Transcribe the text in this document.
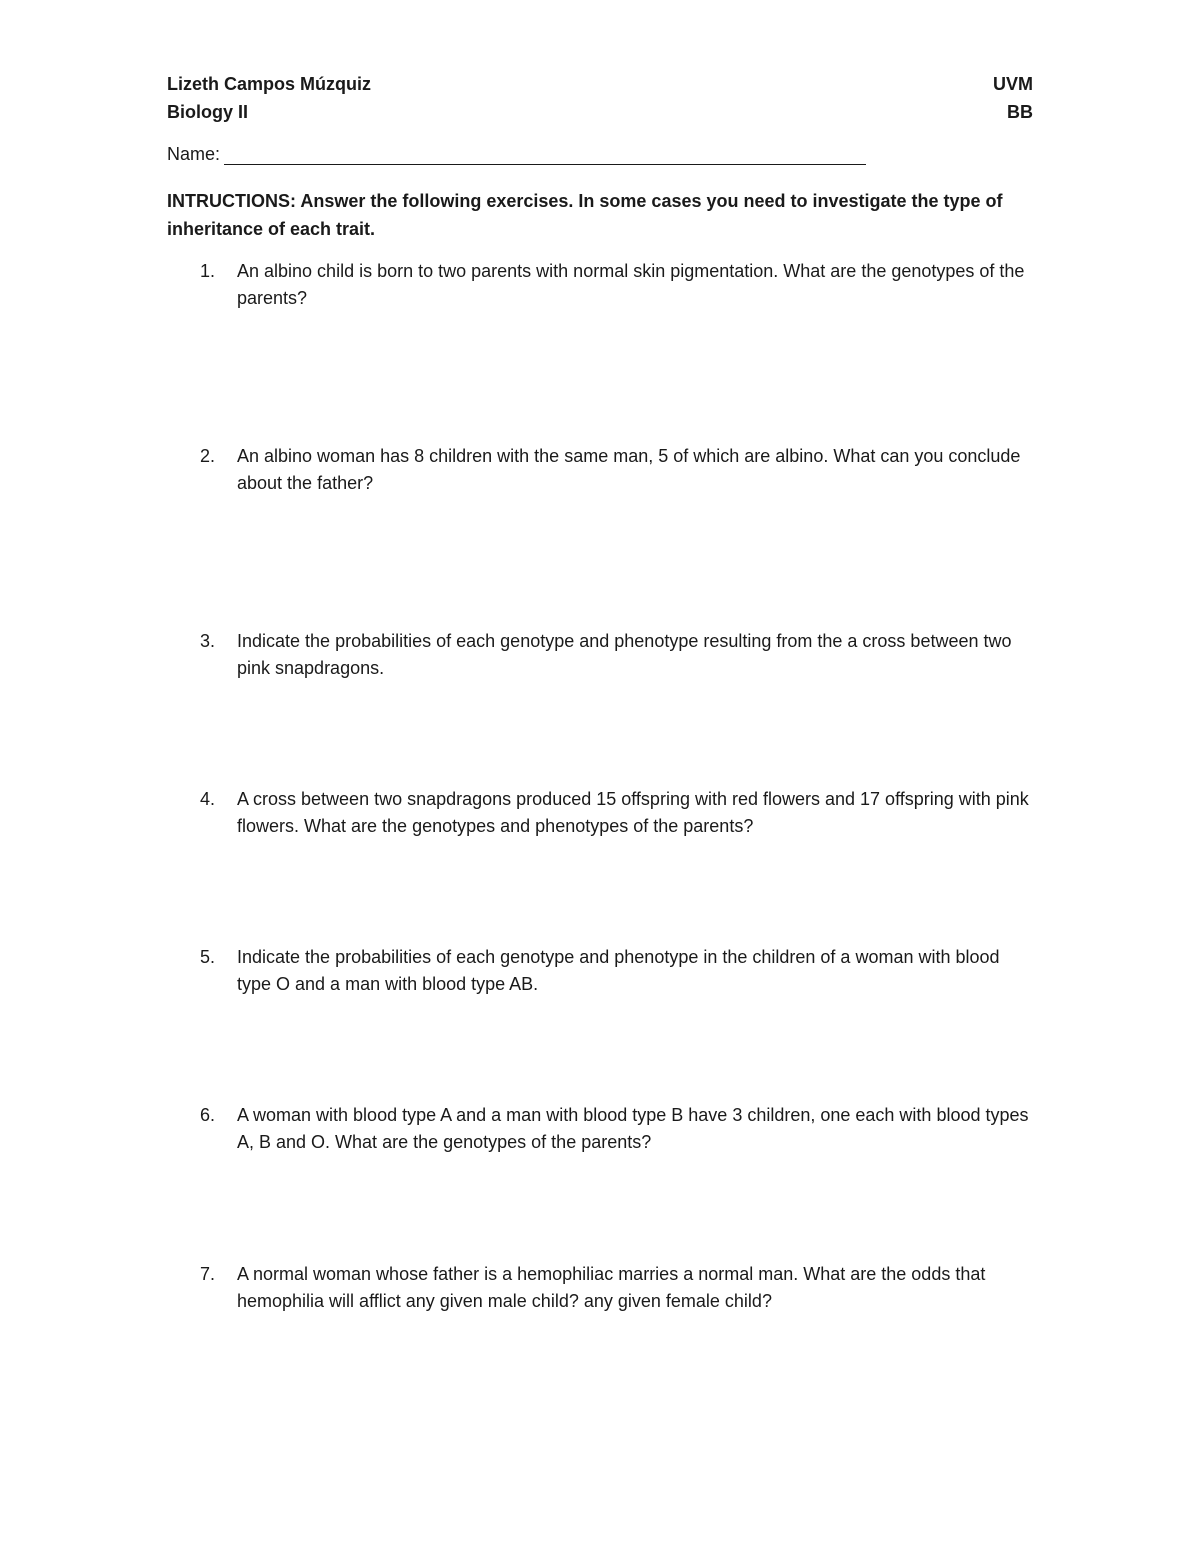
Lizeth Campos Múzquiz	UVM
Biology II	BB
Name:
INTRUCTIONS: Answer the following exercises. In some cases you need to investigate the type of inheritance of each trait.
1.	An albino child is born to two parents with normal skin pigmentation. What are the genotypes of the parents?
2.	An albino woman has 8 children with the same man, 5 of which are albino. What can you conclude about the father?
3.	Indicate the probabilities of each genotype and phenotype resulting from the a cross between two pink snapdragons.
4.	A cross between two snapdragons produced 15 offspring with red flowers and 17 offspring with pink flowers. What are the genotypes and phenotypes of the parents?
5.	Indicate the probabilities of each genotype and phenotype in the children of a woman with blood type O and a man with blood type AB.
6.	A woman with blood type A and a man with blood type B have 3 children, one each with blood types A, B and O. What are the genotypes of the parents?
7.	A normal woman whose father is a hemophiliac marries a normal man. What are the odds that hemophilia will afflict any given male child? any given female child?
